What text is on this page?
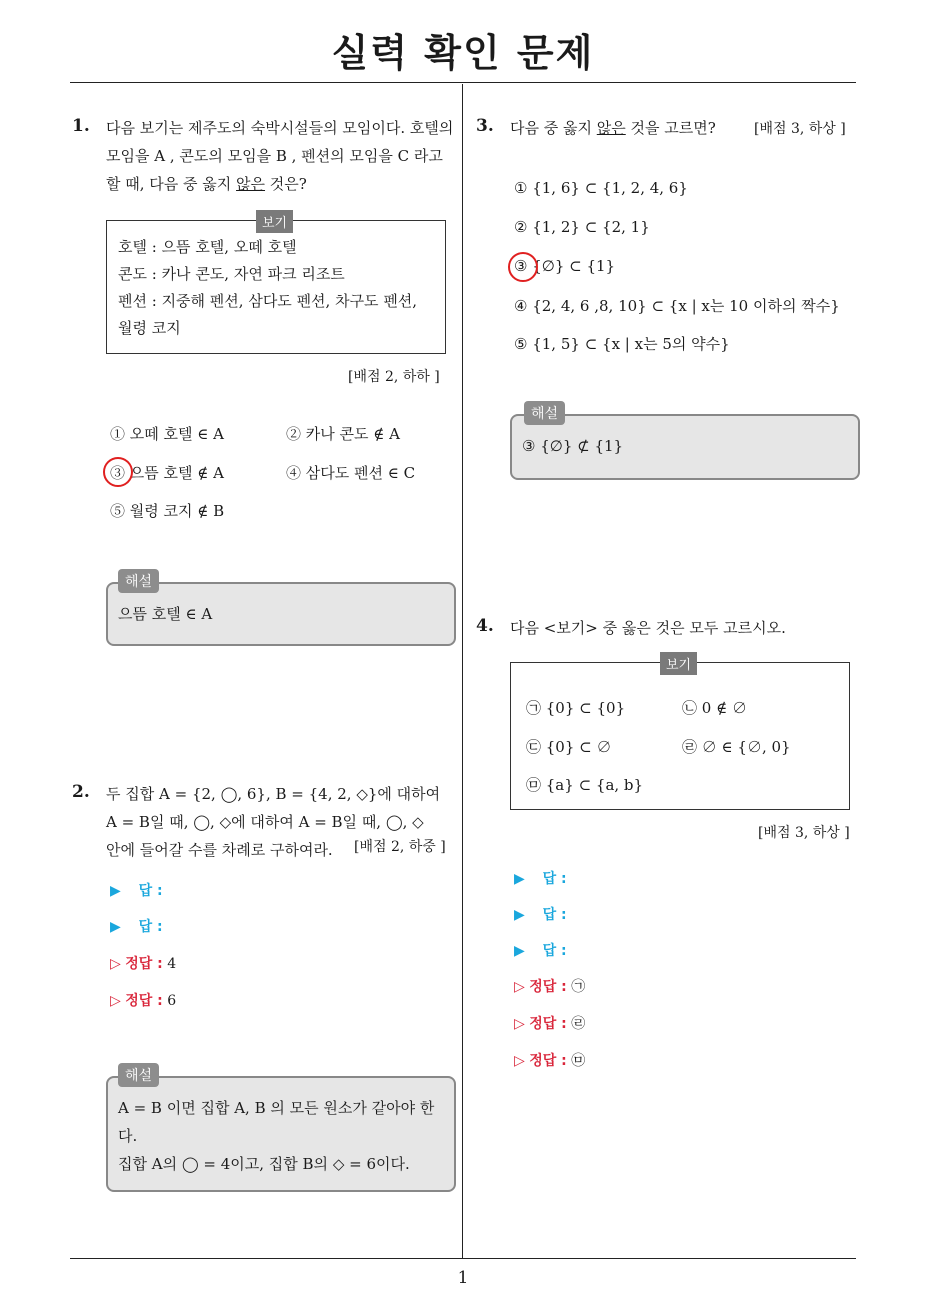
실력 확인 문제
1
1. 다음 보기는 제주도의 숙박시설들의 모임이다. 호텔의
모임을 A , 콘도의 모임을 B , 펜션의 모임을 C 라고
할 때, 다음 중 옳지 않은 것은?
보기
호텔 : 으뜸 호텔, 오떼 호텔
콘도 : 카나 콘도, 자연 파크 리조트
펜션 : 지중해 펜션, 삼다도 펜션, 차구도 펜션,
월령 코지
[배점 2, 하하 ]
① 오떼 호텔 ∈ A	② 카나 콘도 ∉ A
③ 으뜸 호텔 ∉ A	④ 삼다도 펜션 ∈ C
⑤ 월령 코지 ∉ B
해설
으뜸 호텔 ∈ A
2. 두 집합 A = {2, ◯, 6}, B = {4, 2, ◇}에 대하여
A = B일 때, ◯, ◇에 대하여 A = B일 때, ◯, ◇
안에 들어갈 수를 차례로 구하여라.	[배점 2, 하중 ]
▶ 답 :
▶ 답 :
▷ 정답 : 4
▷ 정답 : 6
해설
A = B 이면 집합 A, B 의 모든 원소가 같아야 한
다.
집합 A의 ◯ = 4이고, 집합 B의 ◇ = 6이다.
3. 다음 중 옳지 않은 것을 고르면?	[배점 3, 하상 ]
① {1, 6} ⊂ {1, 2, 4, 6}
② {1, 2} ⊂ {2, 1}
③ {∅} ⊂ {1}
④ {2, 4, 6 ,8, 10} ⊂ {x | x는 10 이하의 짝수}
⑤ {1, 5} ⊂ {x | x는 5의 약수}
해설
③ {∅} ⊄ {1}
4. 다음 <보기> 중 옳은 것은 모두 고르시오.
보기
㉠ {0} ⊂ {0}	㉡ 0 ∉ ∅
㉢ {0} ⊂ ∅	㉣ ∅ ∈ {∅, 0}
㉤ {a} ⊂ {a, b}
[배점 3, 하상 ]
▶ 답 :
▶ 답 :
▶ 답 :
▷ 정답 : ㉠
▷ 정답 : ㉣
▷ 정답 : ㉤
